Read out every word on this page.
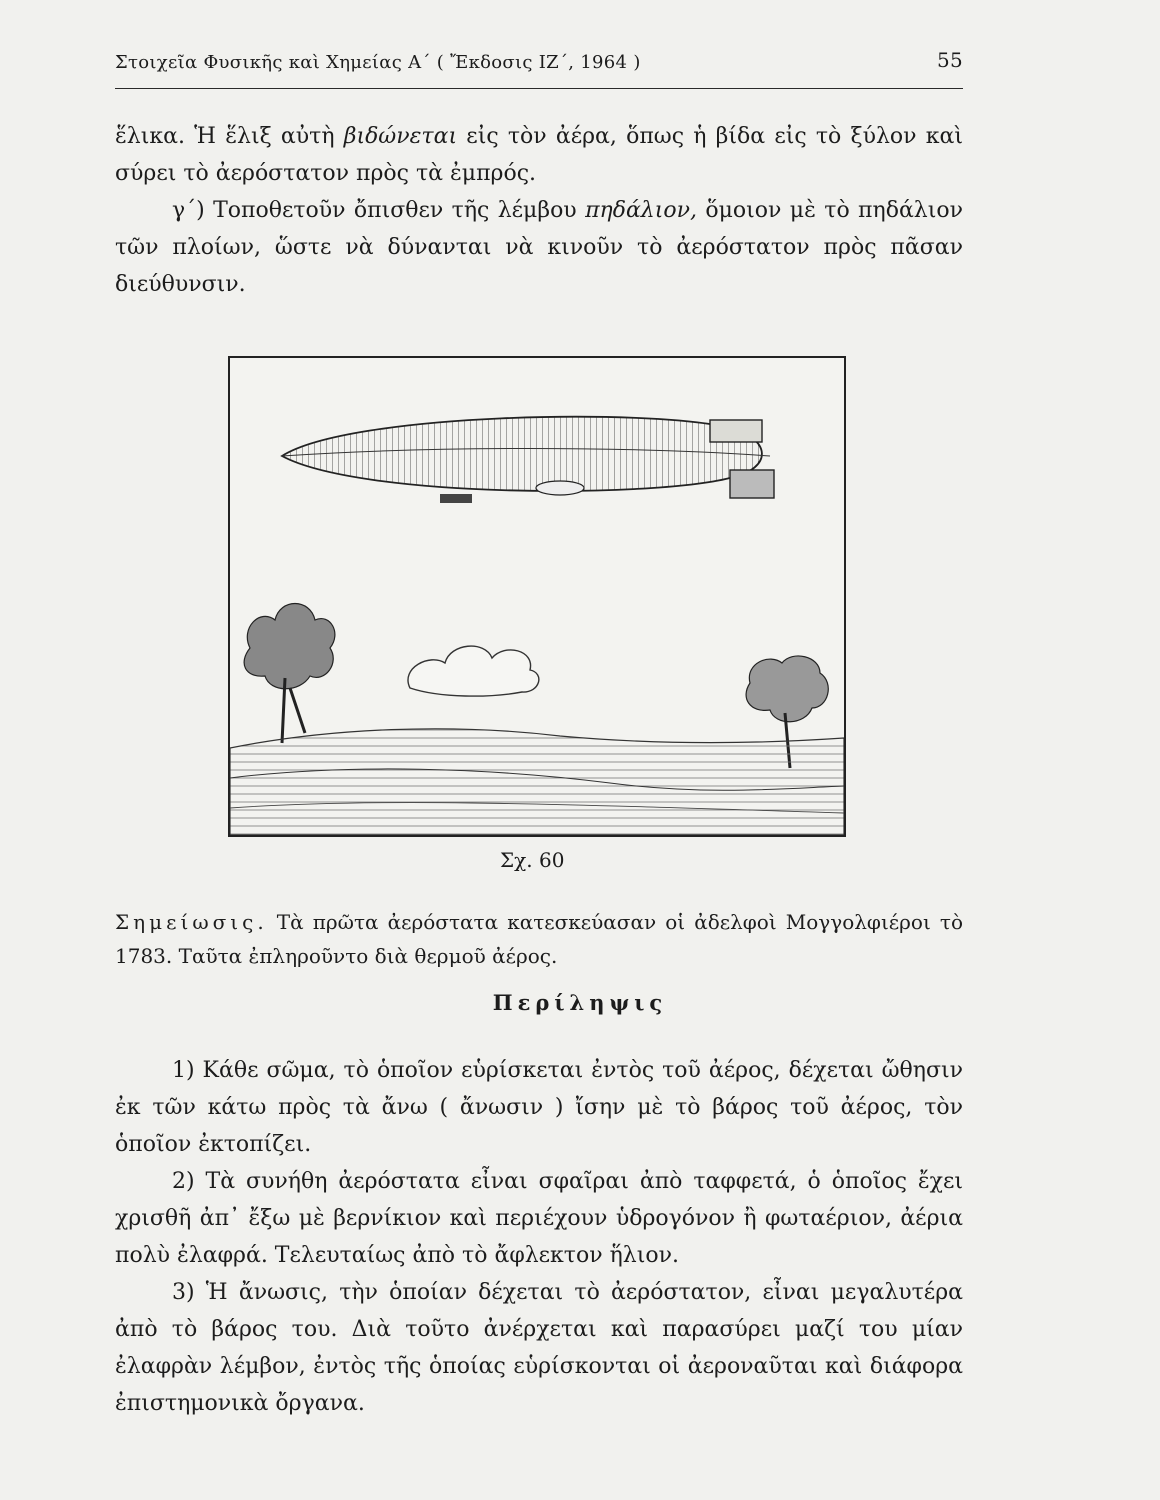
Στοιχεῖα Φυσικῆς καὶ Χημείας Α΄ ( Ἔκδοσις ΙΖ΄, 1964 )	55

ἕλικα. Ἡ ἕλιξ αὐτὴ βιδώνεται εἰς τὸν ἀέρα, ὅπως ἡ βίδα εἰς τὸ ξύλον καὶ σύρει τὸ ἀερόστατον πρὸς τὰ ἐμπρός.

γ΄) Τοποθετοῦν ὄπισθεν τῆς λέμβου πηδάλιον, ὅμοιον μὲ τὸ πηδάλιον τῶν πλοίων, ὥστε νὰ δύνανται νὰ κινοῦν τὸ ἀερόστατον πρὸς πᾶσαν διεύθυνσιν.

Σχ. 60

Σημείωσις. Τὰ πρῶτα ἀερόστατα κατεσκεύασαν οἱ ἀδελφοὶ Μογγολφιέροι τὸ 1783. Ταῦτα ἐπληροῦντο διὰ θερμοῦ ἀέρος.

Περίληψις

1) Κάθε σῶμα, τὸ ὁποῖον εὑρίσκεται ἐντὸς τοῦ ἀέρος, δέχεται ὤθησιν ἐκ τῶν κάτω πρὸς τὰ ἄνω ( ἄνωσιν ) ἴσην μὲ τὸ βάρος τοῦ ἀέρος, τὸν ὁποῖον ἐκτοπίζει.

2) Τὰ συνήθη ἀερόστατα εἶναι σφαῖραι ἀπὸ ταφφετά, ὁ ὁποῖος ἔχει χρισθῆ ἀπ᾽ ἔξω μὲ βερνίκιον καὶ περιέχουν ὑδρογόνον ἢ φωταέριον, ἀέρια πολὺ ἐλαφρά. Τελευταίως ἀπὸ τὸ ἄφλεκτον ἥλιον.

3) Ἡ ἄνωσις, τὴν ὁποίαν δέχεται τὸ ἀερόστατον, εἶναι μεγαλυτέρα ἀπὸ τὸ βάρος του. Διὰ τοῦτο ἀνέρχεται καὶ παρασύρει μαζί του μίαν ἐλαφρὰν λέμβον, ἐντὸς τῆς ὁποίας εὑρίσκονται οἱ ἀεροναῦται καὶ διάφορα ἐπιστημονικὰ ὄργανα.
